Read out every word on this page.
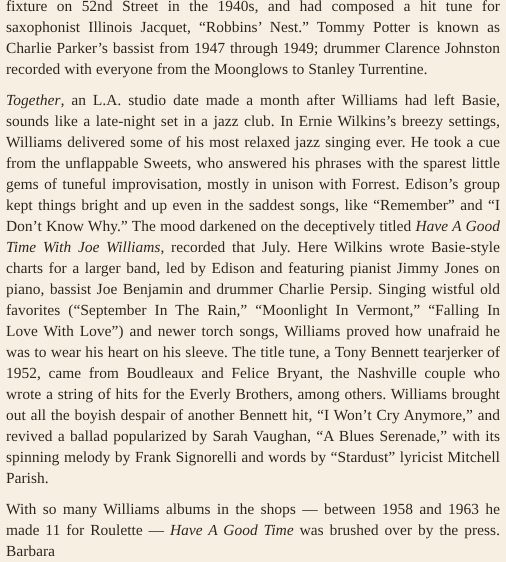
fixture on 52nd Street in the 1940s, and had composed a hit tune for saxophonist Illinois Jacquet, “Robbins’ Nest.” Tommy Potter is known as Charlie Parker’s bassist from 1947 through 1949; drummer Clarence Johnston recorded with everyone from the Moonglows to Stanley Turrentine.

Together, an L.A. studio date made a month after Williams had left Basie, sounds like a late-night set in a jazz club. In Ernie Wilkins’s breezy settings, Williams delivered some of his most relaxed jazz singing ever. He took a cue from the unflappable Sweets, who answered his phrases with the sparest little gems of tuneful improvisation, mostly in unison with Forrest. Edison’s group kept things bright and up even in the saddest songs, like “Remember” and “I Don’t Know Why.” The mood darkened on the deceptively titled Have A Good Time With Joe Williams, recorded that July. Here Wilkins wrote Basie-style charts for a larger band, led by Edison and featuring pianist Jimmy Jones on piano, bassist Joe Benjamin and drummer Charlie Persip. Singing wistful old favorites (“September In The Rain,” “Moonlight In Vermont,” “Falling In Love With Love”) and newer torch songs, Williams proved how unafraid he was to wear his heart on his sleeve. The title tune, a Tony Bennett tearjerker of 1952, came from Boudleaux and Felice Bryant, the Nashville couple who wrote a string of hits for the Everly Brothers, among others. Williams brought out all the boyish despair of another Bennett hit, “I Won’t Cry Anymore,” and revived a ballad popularized by Sarah Vaughan, “A Blues Serenade,” with its spinning melody by Frank Signorelli and words by “Stardust” lyricist Mitchell Parish.

With so many Williams albums in the shops — between 1958 and 1963 he made 11 for Roulette — Have A Good Time was brushed over by the press. Barbara
